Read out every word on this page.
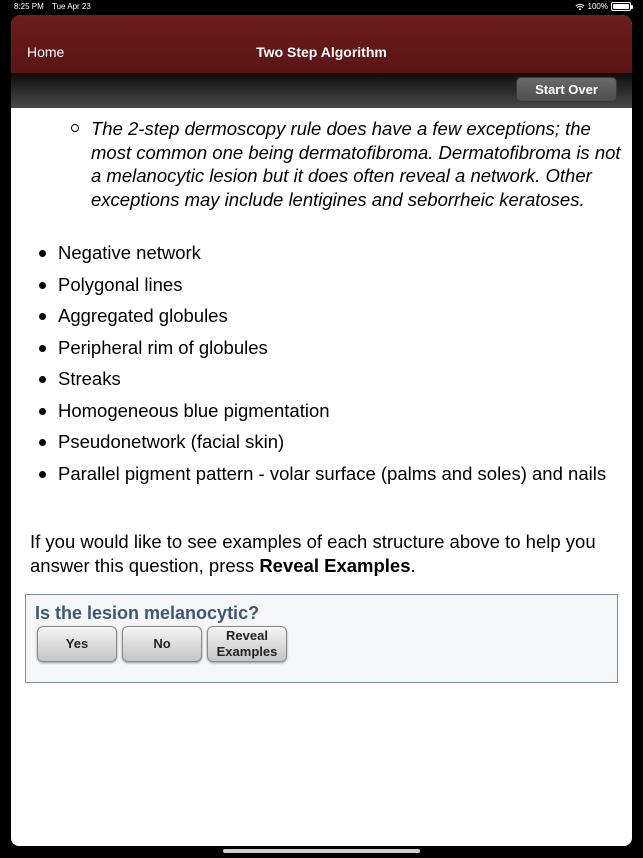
8:25 PM Tue Apr 23	100%
Home	Two Step Algorithm
Start Over

The 2-step dermoscopy rule does have a few exceptions; the most common one being dermatofibroma. Dermatofibroma is not a melanocytic lesion but it does often reveal a network. Other exceptions may include lentigines and seborrheic keratoses.

Negative network
Polygonal lines
Aggregated globules
Peripheral rim of globules
Streaks
Homogeneous blue pigmentation
Pseudonetwork (facial skin)
Parallel pigment pattern - volar surface (palms and soles) and nails

If you would like to see examples of each structure above to help you answer this question, press Reveal Examples.

Is the lesion melanocytic?
Yes	No
Reveal
Examples
